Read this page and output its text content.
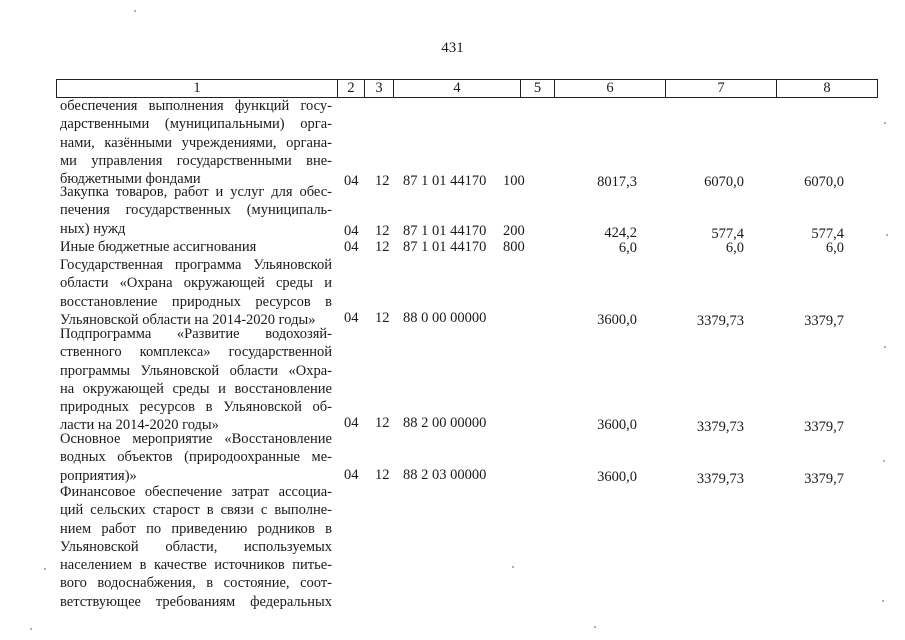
431
1	2	3	4	5	6	7	8
обеспечения выполнения функций госу-
дарственными (муниципальными) орга-
нами, казёнными учреждениями, органа-
ми управления государственными вне-
бюджетными фондами	04 12 87 1 01 44170 100	8017,3	6070,0	6070,0
Закупка товаров, работ и услуг для обес-
печения государственных (муниципаль-
ных) нужд	04 12 87 1 01 44170 200	424,2	577,4	577,4
Иные бюджетные ассигнования	04 12 87 1 01 44170 800	6,0	6,0	6,0
Государственная программа Ульяновской
области «Охрана окружающей среды и
восстановление природных ресурсов в
Ульяновской области на 2014-2020 годы»	04 12 88 0 00 00000	3600,0	3379,73	3379,7
Подпрограмма «Развитие водохозяй-
ственного комплекса» государственной
программы Ульяновской области «Охра-
на окружающей среды и восстановление
природных ресурсов в Ульяновской об-
ласти на 2014-2020 годы»	04 12 88 2 00 00000	3600,0	3379,73	3379,7
Основное мероприятие «Восстановление
водных объектов (природоохранные ме-
роприятия)»	04 12 88 2 03 00000	3600,0	3379,73	3379,7
Финансовое обеспечение затрат ассоциа-
ций сельских старост в связи с выполне-
нием работ по приведению родников в
Ульяновской области, используемых
населением в качестве источников питье-
вого водоснабжения, в состояние, соот-
ветствующее требованиям федеральных
